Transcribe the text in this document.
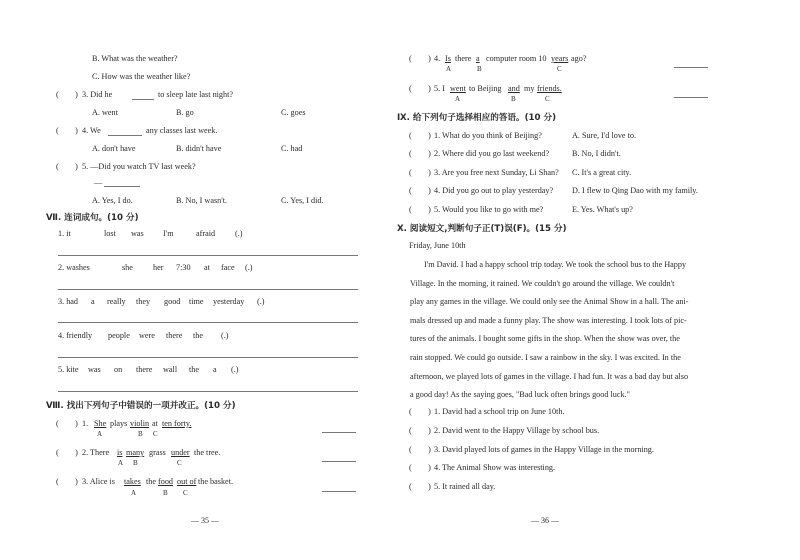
B. What was the weather?
C. How was the weather like?
(　　) 3. Did he	to sleep late last night?
A. went	B. go	C. goes
(　　) 4. We	any classes last week.
A. don't have	B. didn't have	C. had
(　　) 5. —Did you watch TV last week?
—
A. Yes, I do.	B. No, I wasn't.	C. Yes, I did.
Ⅶ. 连词成句。(10 分)
1. it	lost was I'm	afraid (.)
2. washes	she her 7:30 at face (.)
3. had a really they good time yesterday (.)
4. friendly people were there the (.)
5. kite was on there wall the a (.)
Ⅷ. 找出下列句子中错误的一项并改正。(10 分)
(　　) 1. She plays violin at ten forty.
A	B C
(　　) 2. There is many grass under the tree.
A B	C
(　　) 3. Alice is takes the food out of the basket.
A	B C
— 35 —
(　　) 4. Is there a computer room 10 years ago?
A	B	C
(　　) 5. I went to Beijing and my friends.
A	B	C
Ⅸ. 给下列句子选择相应的答语。(10 分)
(　　) 1. What do you think of Beijing?	A. Sure, I'd love to.
(　　) 2. Where did you go last weekend?	B. No, I didn't.
(　　) 3. Are you free next Sunday, Li Shan? C. It's a great city.
(　　) 4. Did you go out to play yesterday? D. I flew to Qing Dao with my family.
(　　) 5. Would you like to go with me?	E. Yes. What's up?
Ⅹ. 阅读短文,判断句子正(T)误(F)。(15 分)
Friday, June 10th
I'm David. I had a happy school trip today. We took the school bus to the Happy
Village. In the morning, it rained. We couldn't go around the village. We couldn't
play any games in the village. We could only see the Animal Show in a hall. The ani-
mals dressed up and made a funny play. The show was interesting. I took lots of pic-
tures of the animals. I bought some gifts in the shop. When the show was over, the
rain stopped. We could go outside. I saw a rainbow in the sky. I was excited. In the
afternoon, we played lots of games in the village. I had fun. It was a bad day but also
a good day! As the saying goes, "Bad luck often brings good luck."
(　　) 1. David had a school trip on June 10th.
(　　) 2. David went to the Happy Village by school bus.
(　　) 3. David played lots of games in the Happy Village in the morning.
(　　) 4. The Animal Show was interesting.
(　　) 5. It rained all day.
— 36 —
